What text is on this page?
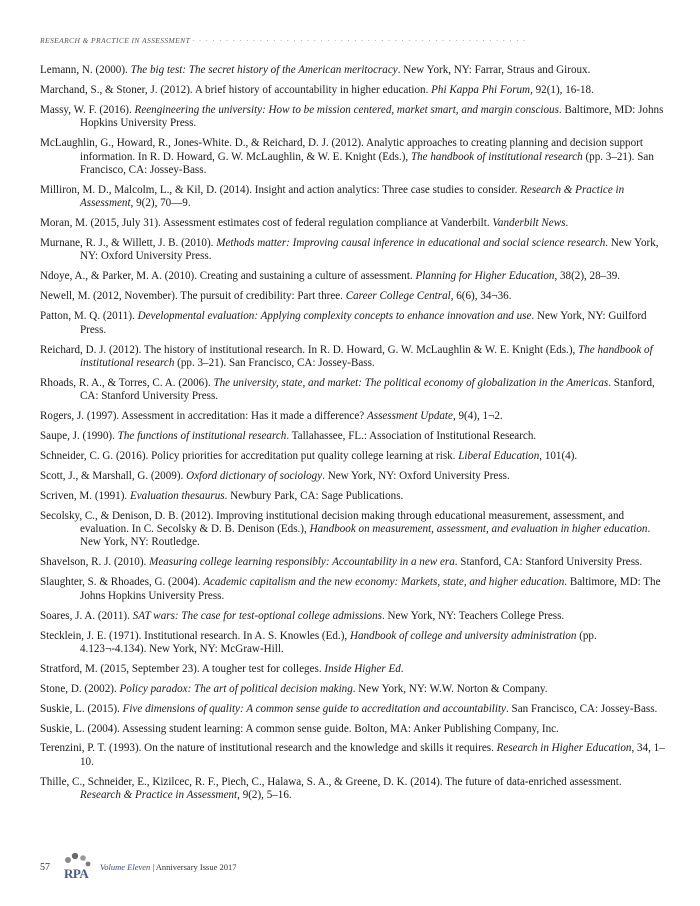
RESEARCH & PRACTICE IN ASSESSMENT · · · · · · · · · · · · · · · · · · · · · · · · · · · · · · · · · · · · · · · · · · · · · · · · · ·
Lemann, N. (2000). The big test: The secret history of the American meritocracy. New York, NY: Farrar, Straus and Giroux.
Marchand, S., & Stoner, J. (2012). A brief history of accountability in higher education. Phi Kappa Phi Forum, 92(1), 16-18.
Massy, W. F. (2016). Reengineering the university: How to be mission centered, market smart, and margin conscious. Baltimore, MD: Johns Hopkins University Press.
McLaughlin, G., Howard, R., Jones-White. D., & Reichard, D. J. (2012). Analytic approaches to creating planning and decision support information. In R. D. Howard, G. W. McLaughlin, & W. E. Knight (Eds.), The handbook of institutional research (pp. 3–21). San Francisco, CA: Jossey-Bass.
Milliron, M. D., Malcolm, L., & Kil, D. (2014). Insight and action analytics: Three case studies to consider. Research & Practice in Assessment, 9(2), 70—9.
Moran, M. (2015, July 31). Assessment estimates cost of federal regulation compliance at Vanderbilt. Vanderbilt News.
Murnane, R. J., & Willett, J. B. (2010). Methods matter: Improving causal inference in educational and social science research. New York, NY: Oxford University Press.
Ndoye, A., & Parker, M. A. (2010). Creating and sustaining a culture of assessment. Planning for Higher Education, 38(2), 28–39.
Newell, M. (2012, November). The pursuit of credibility: Part three. Career College Central, 6(6), 34¬36.
Patton, M. Q. (2011). Developmental evaluation: Applying complexity concepts to enhance innovation and use. New York, NY: Guilford Press.
Reichard, D. J. (2012). The history of institutional research. In R. D. Howard, G. W. McLaughlin & W. E. Knight (Eds.), The handbook of institutional research (pp. 3–21). San Francisco, CA: Jossey-Bass.
Rhoads, R. A., & Torres, C. A. (2006). The university, state, and market: The political economy of globalization in the Americas. Stanford, CA: Stanford University Press.
Rogers, J. (1997). Assessment in accreditation: Has it made a difference? Assessment Update, 9(4), 1¬2.
Saupe, J. (1990). The functions of institutional research. Tallahassee, FL.: Association of Institutional Research.
Schneider, C. G. (2016). Policy priorities for accreditation put quality college learning at risk. Liberal Education, 101(4).
Scott, J., & Marshall, G. (2009). Oxford dictionary of sociology. New York, NY: Oxford University Press.
Scriven, M. (1991). Evaluation thesaurus. Newbury Park, CA: Sage Publications.
Secolsky, C., & Denison, D. B. (2012). Improving institutional decision making through educational measurement, assessment, and evaluation. In C. Secolsky & D. B. Denison (Eds.), Handbook on measurement, assessment, and evaluation in higher education. New York, NY: Routledge.
Shavelson, R. J. (2010). Measuring college learning responsibly: Accountability in a new era. Stanford, CA: Stanford University Press.
Slaughter, S. & Rhoades, G. (2004). Academic capitalism and the new economy: Markets, state, and higher education. Baltimore, MD: The Johns Hopkins University Press.
Soares, J. A. (2011). SAT wars: The case for test-optional college admissions. New York, NY: Teachers College Press.
Stecklein, J. E. (1971). Institutional research. In A. S. Knowles (Ed.), Handbook of college and university administration (pp. 4.123¬-4.134). New York, NY: McGraw-Hill.
Stratford, M. (2015, September 23). A tougher test for colleges. Inside Higher Ed.
Stone, D. (2002). Policy paradox: The art of political decision making. New York, NY: W.W. Norton & Company.
Suskie, L. (2015). Five dimensions of quality: A common sense guide to accreditation and accountability. San Francisco, CA: Jossey-Bass.
Suskie, L. (2004). Assessing student learning: A common sense guide. Bolton, MA: Anker Publishing Company, Inc.
Terenzini, P. T. (1993). On the nature of institutional research and the knowledge and skills it requires. Research in Higher Education, 34, 1–10.
Thille, C., Schneider, E., Kizilcec, R. F., Piech, C., Halawa, S. A., & Greene, D. K. (2014). The future of data-enriched assessment. Research & Practice in Assessment, 9(2), 5–16.
57 RPA Volume Eleven | Anniversary Issue 2017
